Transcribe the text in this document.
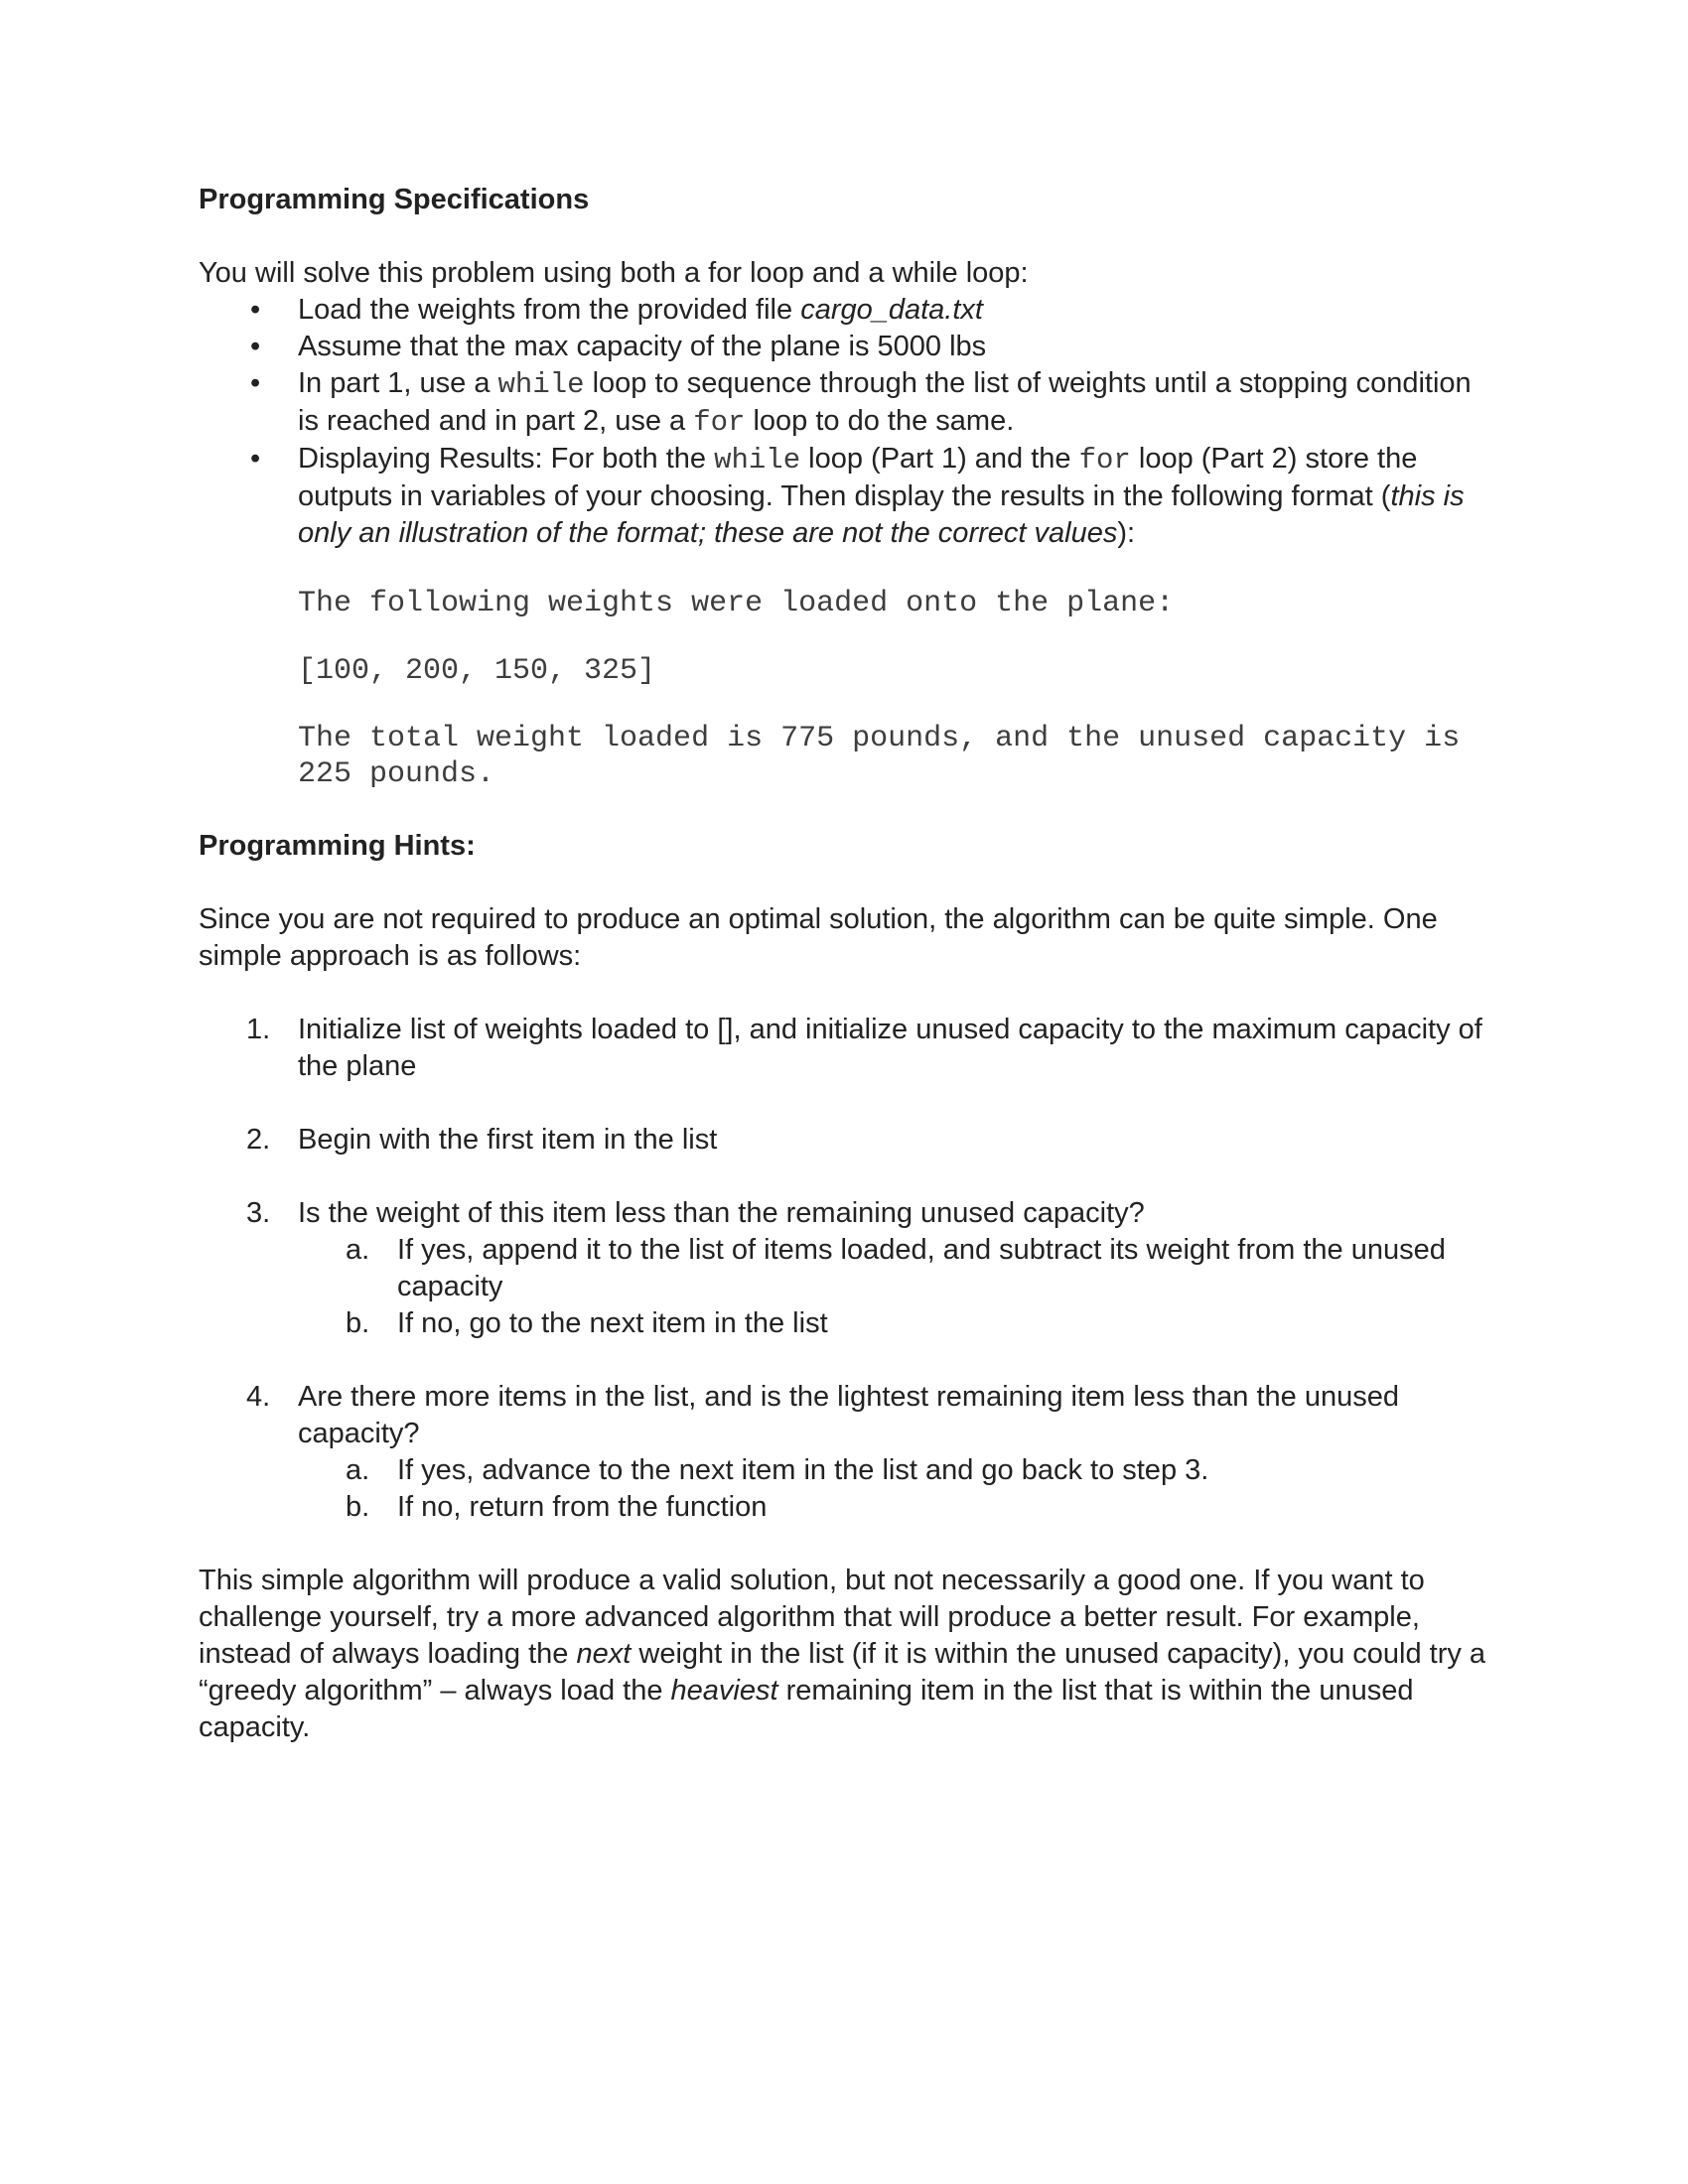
Programming Specifications

You will solve this problem using both a for loop and a while loop:

• Load the weights from the provided file cargo_data.txt
• Assume that the max capacity of the plane is 5000 lbs
• In part 1, use a while loop to sequence through the list of weights until a stopping condition is reached and in part 2, use a for loop to do the same.
• Displaying Results: For both the while loop (Part 1) and the for loop (Part 2) store the outputs in variables of your choosing. Then display the results in the following format (this is only an illustration of the format; these are not the correct values):

The following weights were loaded onto the plane:

[100, 200, 150, 325]

The total weight loaded is 775 pounds, and the unused capacity is 225 pounds.

Programming Hints:

Since you are not required to produce an optimal solution, the algorithm can be quite simple. One simple approach is as follows:

1. Initialize list of weights loaded to [], and initialize unused capacity to the maximum capacity of the plane
2. Begin with the first item in the list
3. Is the weight of this item less than the remaining unused capacity?
a. If yes, append it to the list of items loaded, and subtract its weight from the unused capacity
b. If no, go to the next item in the list
4. Are there more items in the list, and is the lightest remaining item less than the unused capacity?
a. If yes, advance to the next item in the list and go back to step 3.
b. If no, return from the function

This simple algorithm will produce a valid solution, but not necessarily a good one. If you want to challenge yourself, try a more advanced algorithm that will produce a better result. For example, instead of always loading the next weight in the list (if it is within the unused capacity), you could try a “greedy algorithm” – always load the heaviest remaining item in the list that is within the unused capacity.
